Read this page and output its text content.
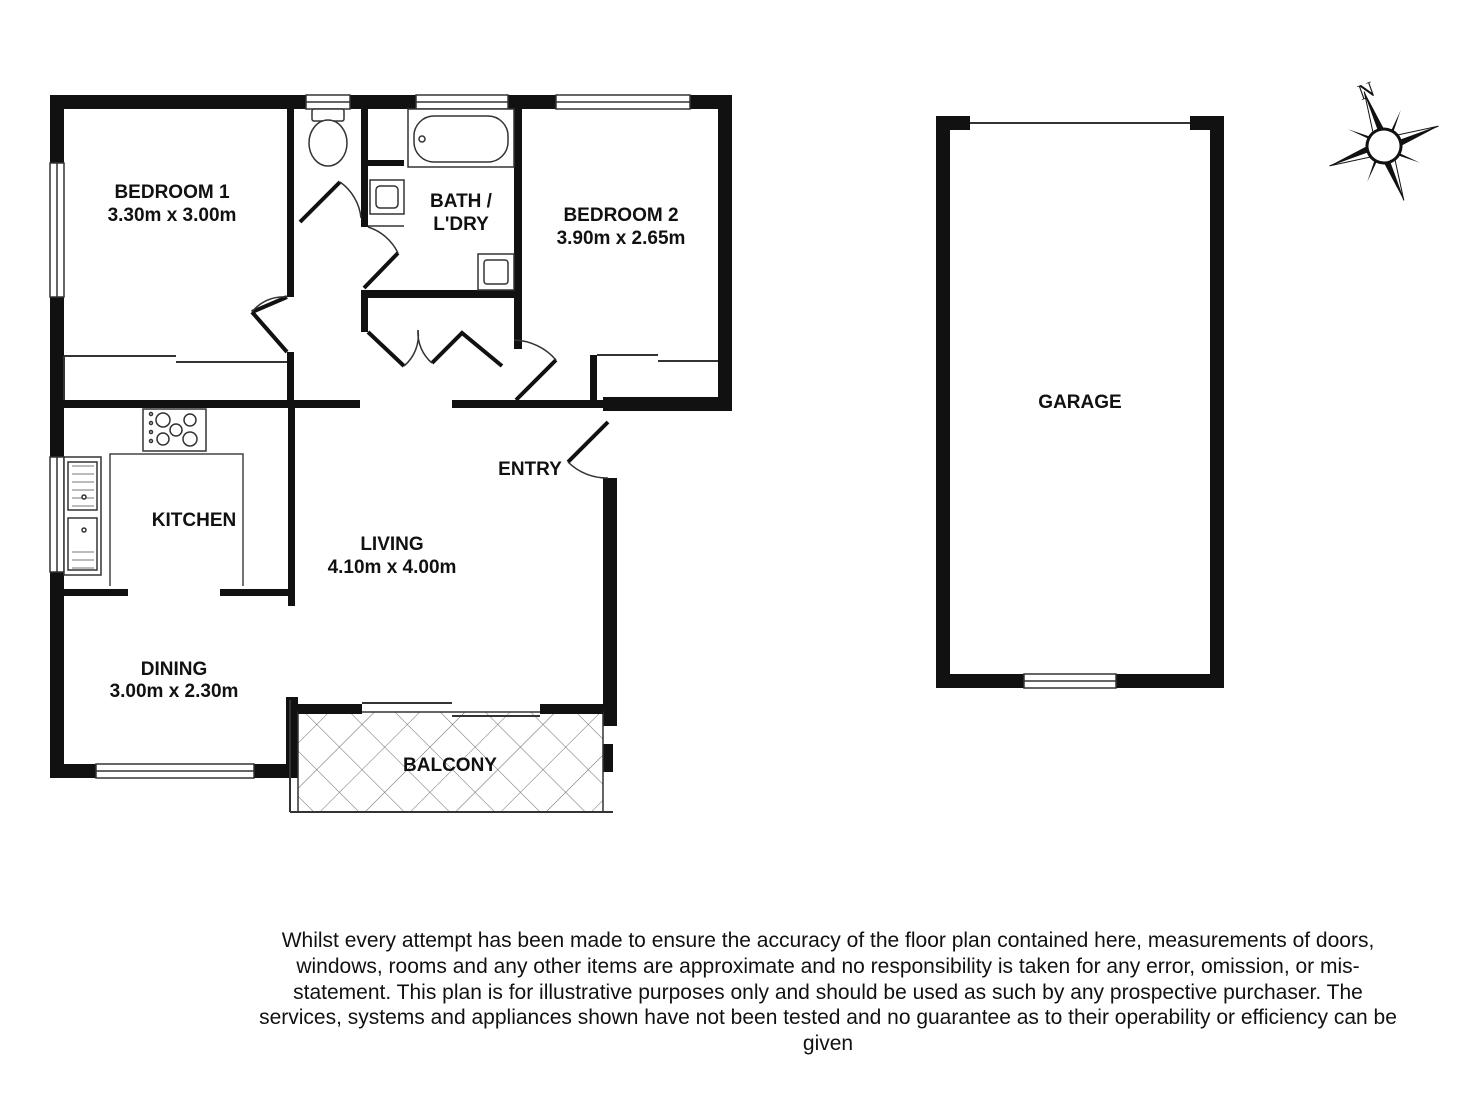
N
BEDROOM 1
3.30m x 3.00m
BATH /
L'DRY	BEDROOM 2
3.90m x 2.65m
ENTRY
KITCHEN
LIVING
4.10m x 4.00m
DINING
3.00m x 2.30m
BALCONY
GARAGE
Whilst every attempt has been made to ensure the accuracy of the floor plan contained here, measurements of doors, windows, rooms and any other items are approximate and no responsibility is taken for any error, omission, or mis-statement. This plan is for illustrative purposes only and should be used as such by any prospective purchaser. The services, systems and appliances shown have not been tested and no guarantee as to their operability or efficiency can be given
